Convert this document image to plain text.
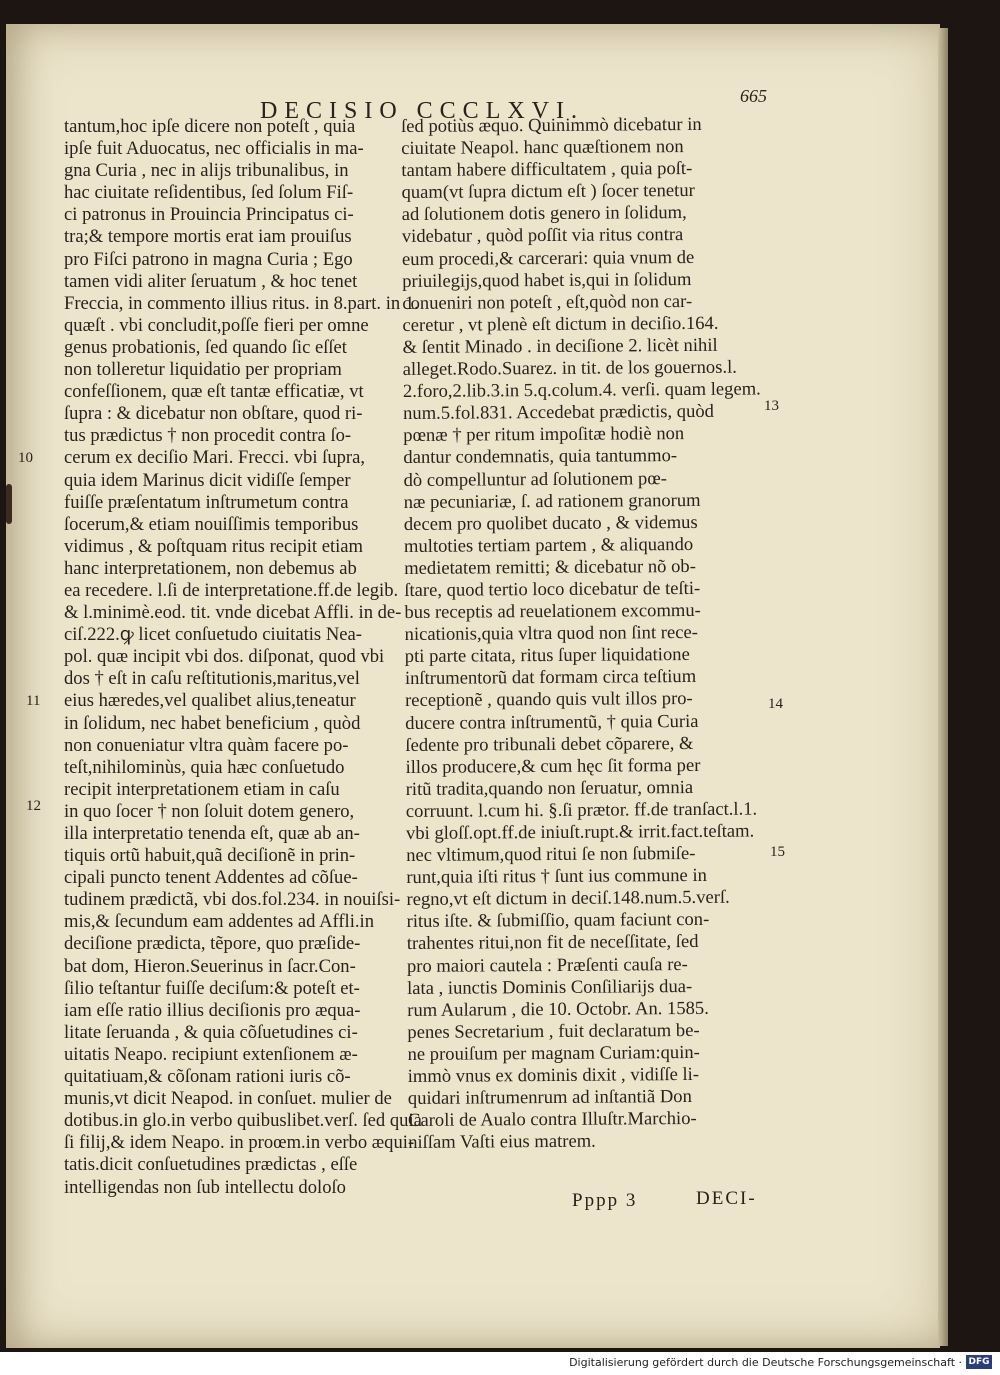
DECISIO CCCLXVI.
665
tantum,hoc ipſe dicere non poteſt , quia
ipſe fuit Aduocatus, nec officialis in ma-
gna Curia , nec in alijs tribunalibus, in
hac ciuitate reſidentibus, ſed ſolum Fiſ-
ci patronus in Prouincia Principatus ci-
tra;& tempore mortis erat iam prouiſus
pro Fiſci patrono in magna Curia ; Ego
tamen vidi aliter ſeruatum , & hoc tenet
Freccia, in commento illius ritus. in 8.part. in 1.
quæſt . vbi concludit,poſſe fieri per omne
genus probationis, ſed quando ſic eſſet
non tolleretur liquidatio per propriam
confeſſionem, quæ eſt tantæ efficatiæ, vt
ſupra : & dicebatur non obſtare, quod ri-
tus prædictus † non procedit contra ſo-
cerum ex deciſio Mari. Frecci. vbi ſupra,
quia idem Marinus dicit vidiſſe ſemper
fuiſſe præſentatum inſtrumetum contra
ſocerum,& etiam nouiſſimis temporibus
vidimus , & poſtquam ritus recipit etiam
hanc interpretationem, non debemus ab
ea recedere. l.ſi de interpretatione.ff.de legib.
& l.minimè.eod. tit. vnde dicebat Affli. in de-
ciſ.222.ꝙ licet conſuetudo ciuitatis Nea-
pol. quæ incipit vbi dos. diſponat, quod vbi
dos † eſt in caſu reſtitutionis,maritus,vel
eius hæredes,vel qualibet alius,teneatur
in ſolidum, nec habet beneficium , quòd
non conueniatur vltra quàm facere po-
teſt,nihilominùs, quia hæc conſuetudo
recipit interpretationem etiam in caſu
in quo ſocer † non ſoluit dotem genero,
illa interpretatio tenenda eſt, quæ ab an-
tiquis ortũ habuit,quã deciſionẽ in prin-
cipali puncto tenent Addentes ad cõſue-
tudinem prædictã, vbi dos.fol.234. in nouiſsi-
mis,& ſecundum eam addentes ad Affli.in
deciſione prædicta, tẽpore, quo præſide-
bat dom, Hieron.Seuerinus in ſacr.Con-
ſilio teſtantur fuiſſe deciſum:& poteſt et-
iam eſſe ratio illius deciſionis pro æqua-
litate ſeruanda , & quia cõſuetudines ci-
uitatis Neapo. recipiunt extenſionem æ-
quitatiuam,& cõſonam rationi iuris cõ-
munis,vt dicit Neapod. in conſuet. mulier de
dotibus.in glo.in verbo quibuslibet.verſ. ſed quia
ſi filij,& idem Neapo. in proœm.in verbo æqui-
tatis.dicit conſuetudines prædictas , eſſe
intelligendas non ſub intellectu doloſo
ſed potiùs æquo. Quinimmò dicebatur in
ciuitate Neapol. hanc quæſtionem non
tantam habere difficultatem , quia poſt-
quam(vt ſupra dictum eſt ) ſocer tenetur
ad ſolutionem dotis genero in ſolidum,
videbatur , quòd poſſit via ritus contra
eum procedi,& carcerari: quia vnum de
priuilegijs,quod habet is,qui in ſolidum
conueniri non poteſt , eſt,quòd non car-
ceretur , vt plenè eſt dictum in deciſio.164.
& ſentit Minado . in deciſione 2. licèt nihil
alleget.Rodo.Suarez. in tit. de los gouernos.l.
2.foro,2.lib.3.in 5.q.colum.4. verſi. quam legem.
num.5.fol.831. Accedebat prædictis, quòd
pœnæ † per ritum impoſitæ hodiè non
dantur condemnatis, quia tantummo-
dò compelluntur ad ſolutionem pœ-
næ pecuniariæ, ſ. ad rationem granorum
decem pro quolibet ducato , & videmus
multoties tertiam partem , & aliquando
medietatem remitti; & dicebatur nõ ob-
ſtare, quod tertio loco dicebatur de teſti-
bus receptis ad reuelationem excommu-
nicationis,quia vltra quod non ſint rece-
pti parte citata, ritus ſuper liquidatione
inſtrumentorũ dat formam circa teſtium
receptionẽ , quando quis vult illos pro-
ducere contra inſtrumentũ, † quia Curia
ſedente pro tribunali debet cõparere, &
illos producere,& cum hęc ſit forma per
ritũ tradita,quando non ſeruatur, omnia
corruunt. l.cum hi. §.ſi prætor. ff.de tranſact.l.1.
vbi gloſſ.opt.ff.de iniuſt.rupt.& irrit.fact.teſtam.
nec vltimum,quod ritui ſe non ſubmiſe-
runt,quia iſti ritus † ſunt ius commune in
regno,vt eſt dictum in deciſ.148.num.5.verſ.
ritus iſte. & ſubmiſſio, quam faciunt con-
trahentes ritui,non fit de neceſſitate, ſed
pro maiori cautela : Præſenti cauſa re-
lata , iunctis Dominis Conſiliarijs dua-
rum Aularum , die 10. Octobr. An. 1585.
penes Secretarium , fuit declaratum be-
ne prouiſum per magnam Curiam:quin-
immò vnus ex dominis dixit , vidiſſe li-
quidari inſtrumenrum ad inſtantiã Don
Caroli de Aualo contra Illuſtr.Marchio-
niſſam Vaſti eius matrem.
10
11
12
13
14
15
Pppp 3	DECI-
Digitalisierung gefördert durch die Deutsche Forschungsgemeinschaft · DFG
